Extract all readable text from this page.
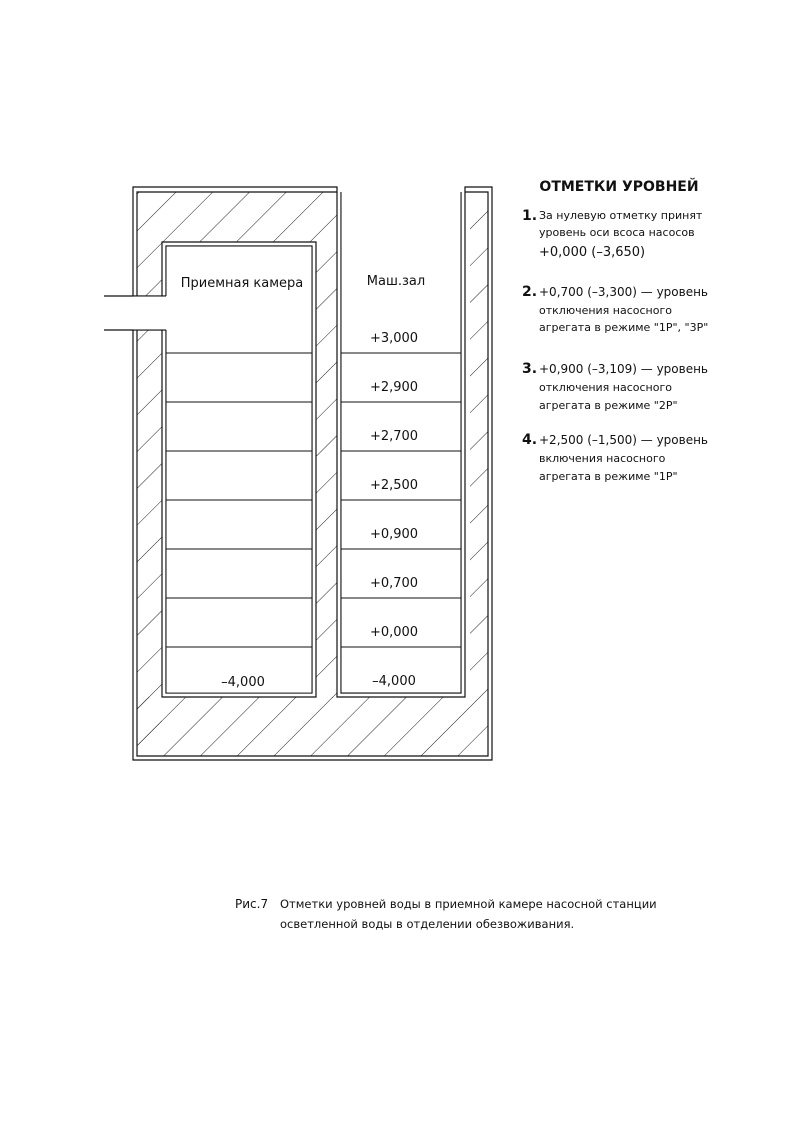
Приемная камера	Маш.зал
–4,000
+3,000
+2,900
+2,700
+2,500
+0,900
+0,700
+0,000
–4,000
ОТМЕТКИ УРОВНЕЙ
1. За нулевую отметку принят
уровень оси всоса насосов
+0,000 (–3,650)
2. +0,700 (–3,300) — уровень
отключения насосного
агрегата в режиме "1Р", "3Р"
3. +0,900 (–3,109) — уровень
отключения насосного
агрегата в режиме "2Р"
4. +2,500 (–1,500) — уровень
включения насосного
агрегата в режиме "1Р"
Рис.7 Отметки уровней воды в приемной камере насосной станции
осветленной воды в отделении обезвоживания.
